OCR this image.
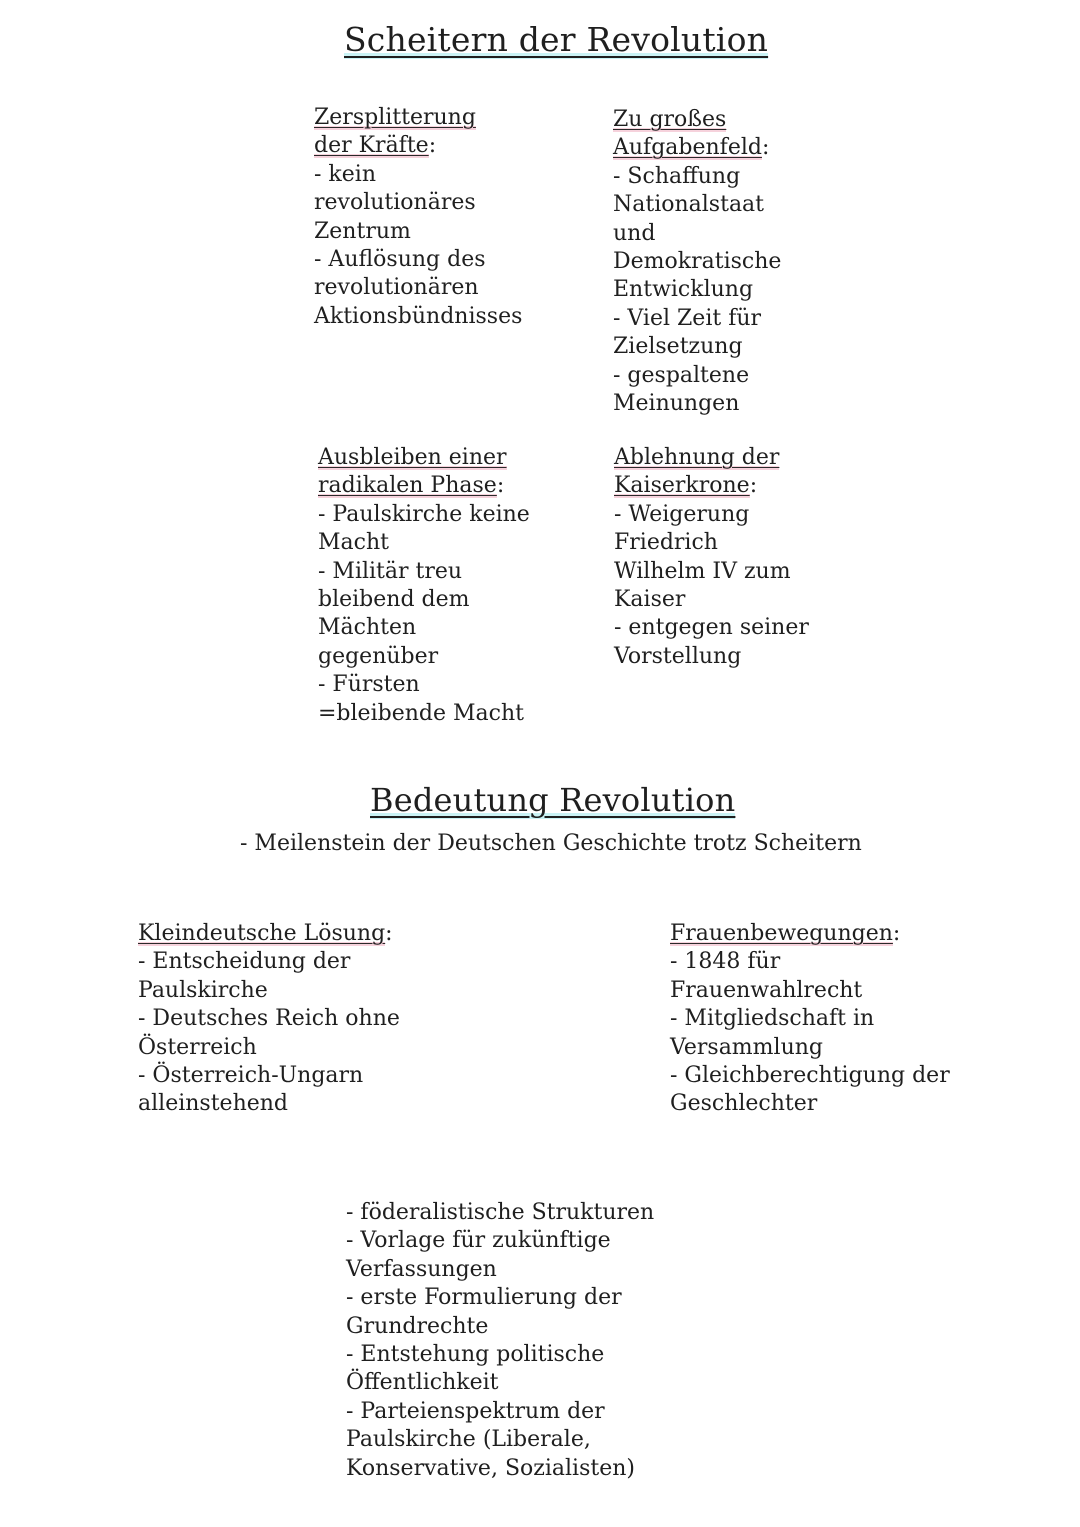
Scheitern der Revolution
Zersplitterung der Kräfte:
- kein revolutionäres Zentrum
- Auflösung des revolutionären Aktionsbündnisses
Zu großes Aufgabenfeld:
- Schaffung Nationalstaat und Demokratische Entwicklung
- Viel Zeit für Zielsetzung
- gespaltene Meinungen
Ausbleiben einer radikalen Phase:
- Paulskirche keine Macht
- Militär treu bleibend dem Mächten gegenüber
- Fürsten =bleibende Macht
Ablehnung der Kaiserkrone:
- Weigerung Friedrich Wilhelm IV zum Kaiser
- entgegen seiner Vorstellung
Bedeutung Revolution
- Meilenstein der Deutschen Geschichte trotz Scheitern
Kleindeutsche Lösung:
- Entscheidung der Paulskirche
- Deutsches Reich ohne Österreich
- Österreich-Ungarn alleinstehend
Frauenbewegungen:
- 1848 für Frauenwahlrecht
- Mitgliedschaft in Versammlung
- Gleichberechtigung der Geschlechter
- föderalistische Strukturen
- Vorlage für zukünftige Verfassungen
- erste Formulierung der Grundrechte
- Entstehung politische Öffentlichkeit
- Parteienspektrum der Paulskirche (Liberale, Konservative, Sozialisten)
